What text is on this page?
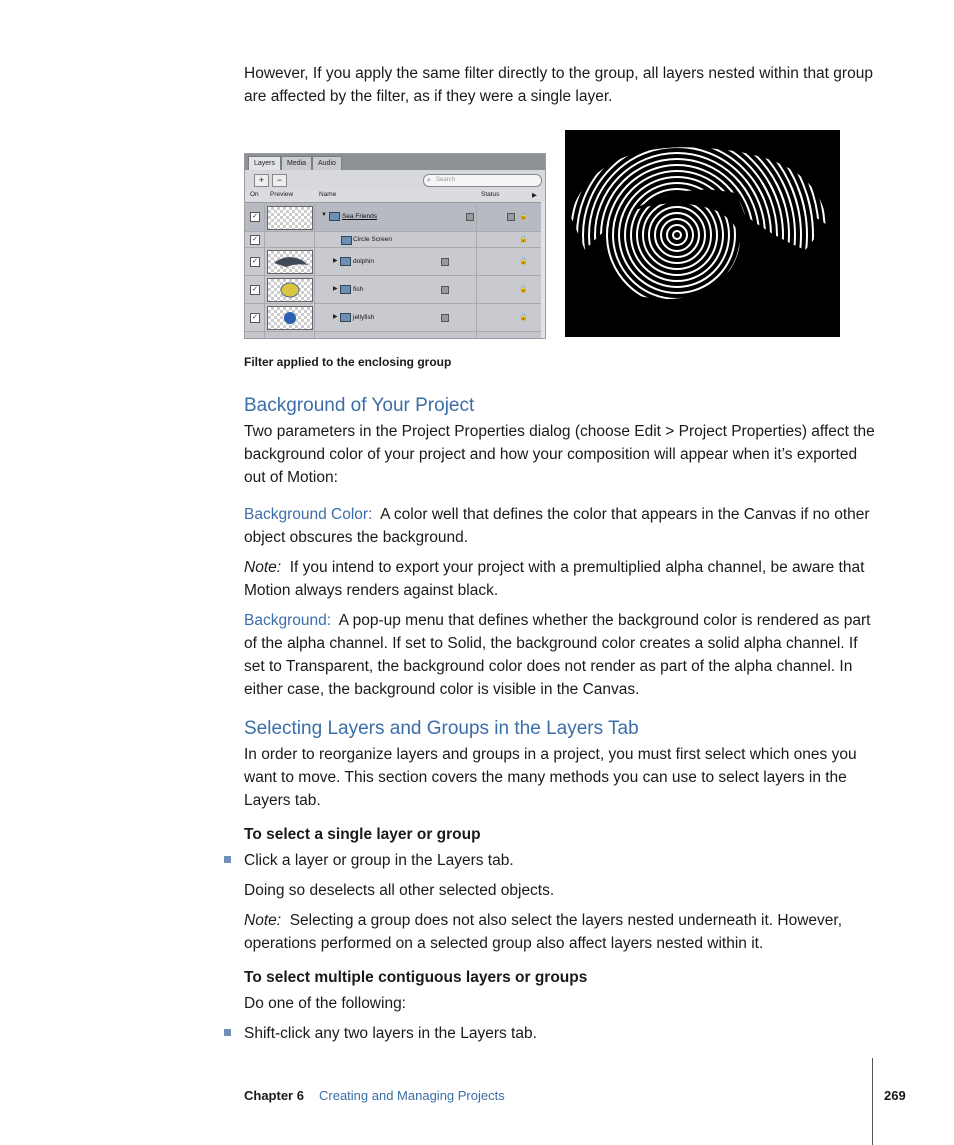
However, If you apply the same filter directly to the group, all layers nested within that group are affected by the filter, as if they were a single layer.

Layers	Media	Audio
+	−	⌕ Search
On Preview	Name	Status	▶
✓	▼ Sea Friends	🔒
✓	Circle Screen	🔒
✓	▶ dolphin	🔒
✓	▶ fish	🔒
✓	▶ jellyfish	🔒

Filter applied to the enclosing group

Background of Your Project

Two parameters in the Project Properties dialog (choose Edit > Project Properties) affect the background color of your project and how your composition will appear when it’s exported out of Motion:

Background Color: A color well that defines the color that appears in the Canvas if no other object obscures the background.

Note: If you intend to export your project with a premultiplied alpha channel, be aware that Motion always renders against black.

Background: A pop-up menu that defines whether the background color is rendered as part of the alpha channel. If set to Solid, the background color creates a solid alpha channel. If set to Transparent, the background color does not render as part of the alpha channel. In either case, the background color is visible in the Canvas.

Selecting Layers and Groups in the Layers Tab

In order to reorganize layers and groups in a project, you must first select which ones you want to move. This section covers the many methods you can use to select layers in the Layers tab.

To select a single layer or group

Click a layer or group in the Layers tab.

Doing so deselects all other selected objects.

Note: Selecting a group does not also select the layers nested underneath it. However, operations performed on a selected group also affect layers nested within it.

To select multiple contiguous layers or groups

Do one of the following:

Shift-click any two layers in the Layers tab.

Chapter 6 Creating and Managing Projects	269
